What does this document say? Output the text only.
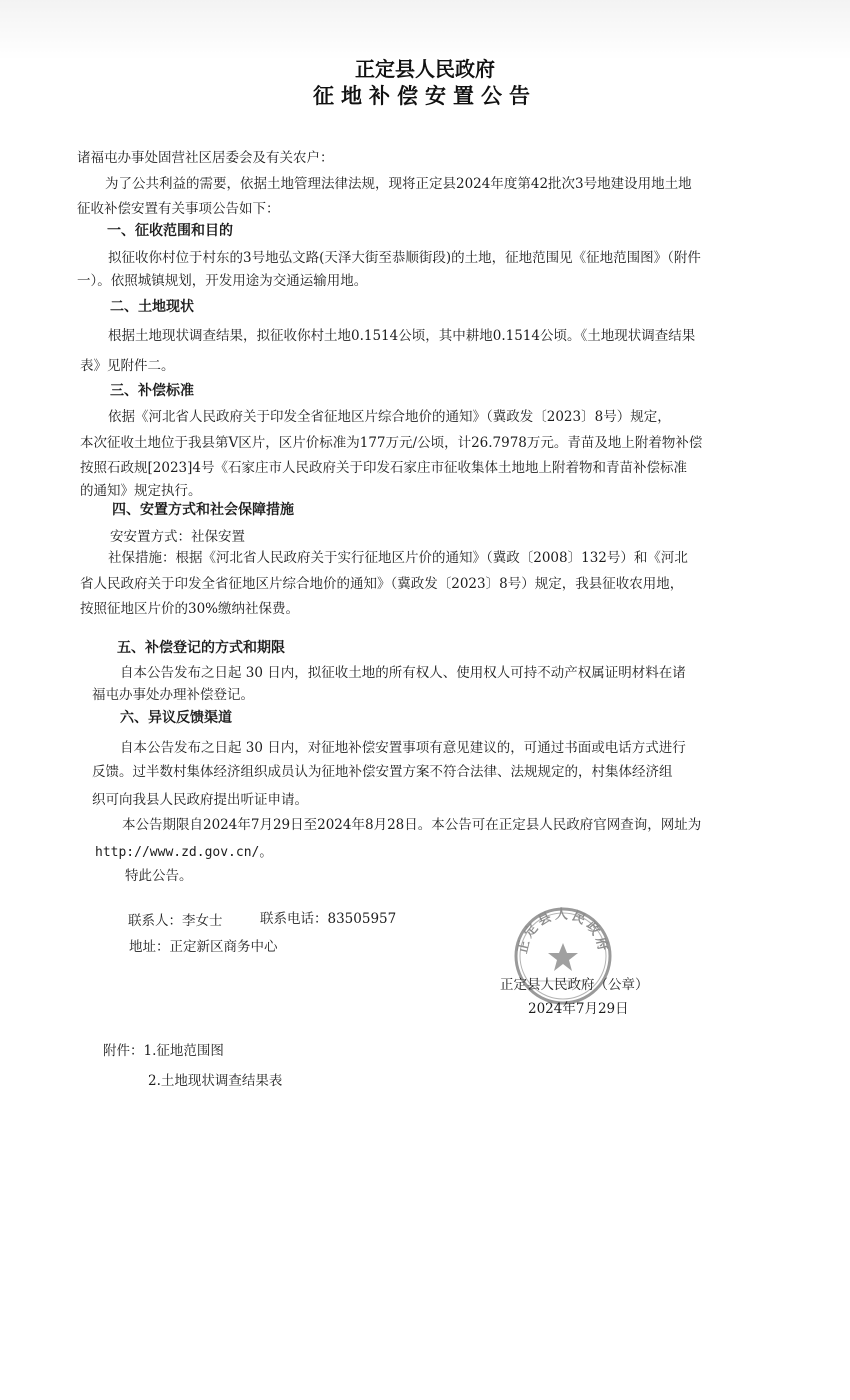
正定县人民政府
征地补偿安置公告
诸福屯办事处固营社区居委会及有关农户：
为了公共利益的需要，依据土地管理法律法规，现将正定县2024年度第42批次3号地建设用地土地
征收补偿安置有关事项公告如下：
一、征收范围和目的
拟征收你村位于村东的3号地弘文路(天泽大街至恭顺街段)的土地，征地范围见《征地范围图》（附件
一）。依照城镇规划，开发用途为交通运输用地。
二、土地现状
根据土地现状调查结果，拟征收你村土地0.1514公顷，其中耕地0.1514公顷。《土地现状调查结果
表》见附件二。
三、补偿标准
依据《河北省人民政府关于印发全省征地区片综合地价的通知》（冀政发〔2023〕8号）规定，
本次征收土地位于我县第Ⅴ区片，区片价标准为177万元/公顷，计26.7978万元。青苗及地上附着物补偿
按照石政规[2023]4号《石家庄市人民政府关于印发石家庄市征收集体土地地上附着物和青苗补偿标准
的通知》规定执行。
四、安置方式和社会保障措施
安安置方式：社保安置
社保措施：根据《河北省人民政府关于实行征地区片价的通知》（冀政〔2008〕132号）和《河北
省人民政府关于印发全省征地区片综合地价的通知》（冀政发〔2023〕8号）规定，我县征收农用地，
按照征地区片价的30%缴纳社保费。
五、补偿登记的方式和期限
自本公告发布之日起 30 日内，拟征收土地的所有权人、使用权人可持不动产权属证明材料在诸
福屯办事处办理补偿登记。
六、异议反馈渠道
自本公告发布之日起 30 日内，对征地补偿安置事项有意见建议的，可通过书面或电话方式进行
反馈。过半数村集体经济组织成员认为征地补偿安置方案不符合法律、法规规定的，村集体经济组
织可向我县人民政府提出听证申请。
本公告期限自2024年7月29日至2024年8月28日。本公告可在正定县人民政府官网查询，网址为
http://www.zd.gov.cn/。
特此公告。
联系人：李女士	联系电话：83505957
地址：正定新区商务中心	正定县人民政府
正定县人民政府（公章）
2024年7月29日
附件：1.征地范围图
2.土地现状调查结果表
